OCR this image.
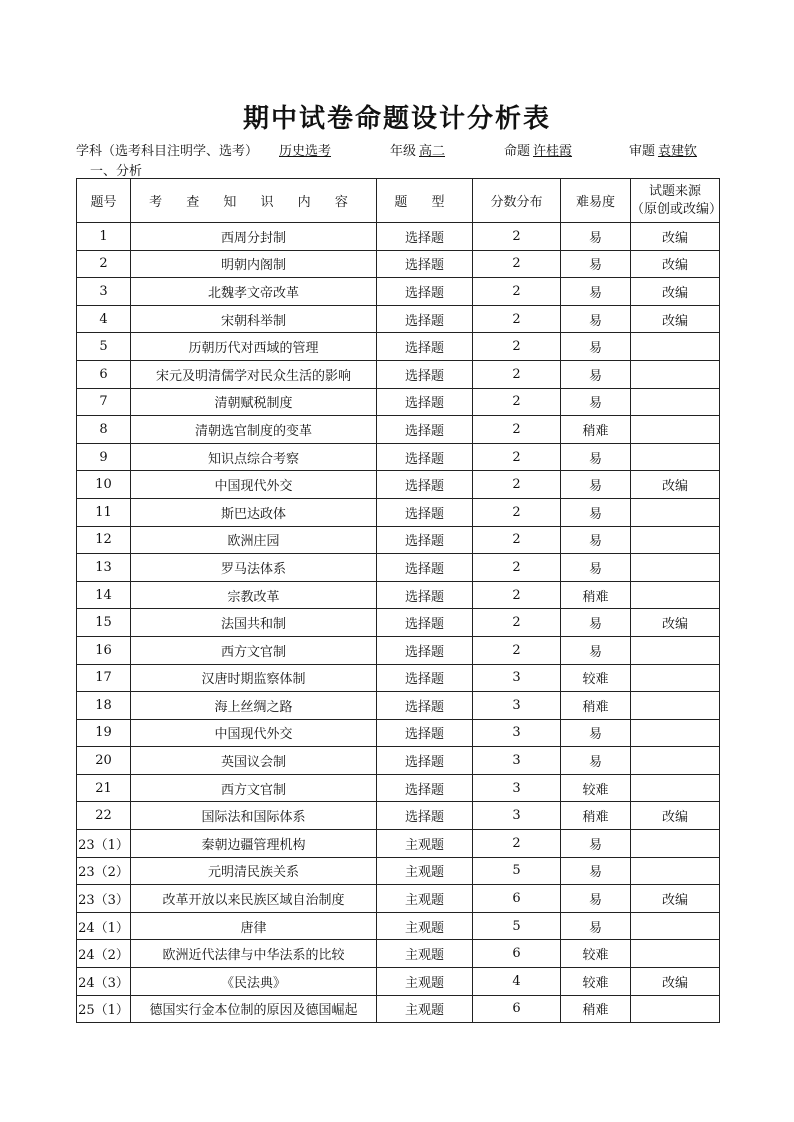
期中试卷命题设计分析表
学科（选考科目注明学、选考） 历史选考	年级 高二	命题 许桂霞	审题 袁建钦
一、分析
题号	考 查 知 识 内 容	题 型	分数分布	难易度	试题来源
（原创或改编）

1	西周分封制	选择题	2	易	改编
2	明朝内阁制	选择题	2	易	改编
3	北魏孝文帝改革	选择题	2	易	改编
4	宋朝科举制	选择题	2	易	改编
5	历朝历代对西域的管理	选择题	2	易	
6	宋元及明清儒学对民众生活的影响	选择题	2	易	
7	清朝赋税制度	选择题	2	易	
8	清朝选官制度的变革	选择题	2	稍难	
9	知识点综合考察	选择题	2	易	
10	中国现代外交	选择题	2	易	改编
11	斯巴达政体	选择题	2	易	
12	欧洲庄园	选择题	2	易	
13	罗马法体系	选择题	2	易	
14	宗教改革	选择题	2	稍难	
15	法国共和制	选择题	2	易	改编
16	西方文官制	选择题	2	易	
17	汉唐时期监察体制	选择题	3	较难	
18	海上丝绸之路	选择题	3	稍难	
19	中国现代外交	选择题	3	易	
20	英国议会制	选择题	3	易	
21	西方文官制	选择题	3	较难	
22	国际法和国际体系	选择题	3	稍难	改编
23（1）	秦朝边疆管理机构	主观题	2	易	
23（2）	元明清民族关系	主观题	5	易	
23（3）	改革开放以来民族区域自治制度	主观题	6	易	改编
24（1）	唐律	主观题	5	易	
24（2）	欧洲近代法律与中华法系的比较	主观题	6	较难	
24（3）	《民法典》	主观题	4	较难	改编
25（1）	德国实行金本位制的原因及德国崛起	主观题	6	稍难	
